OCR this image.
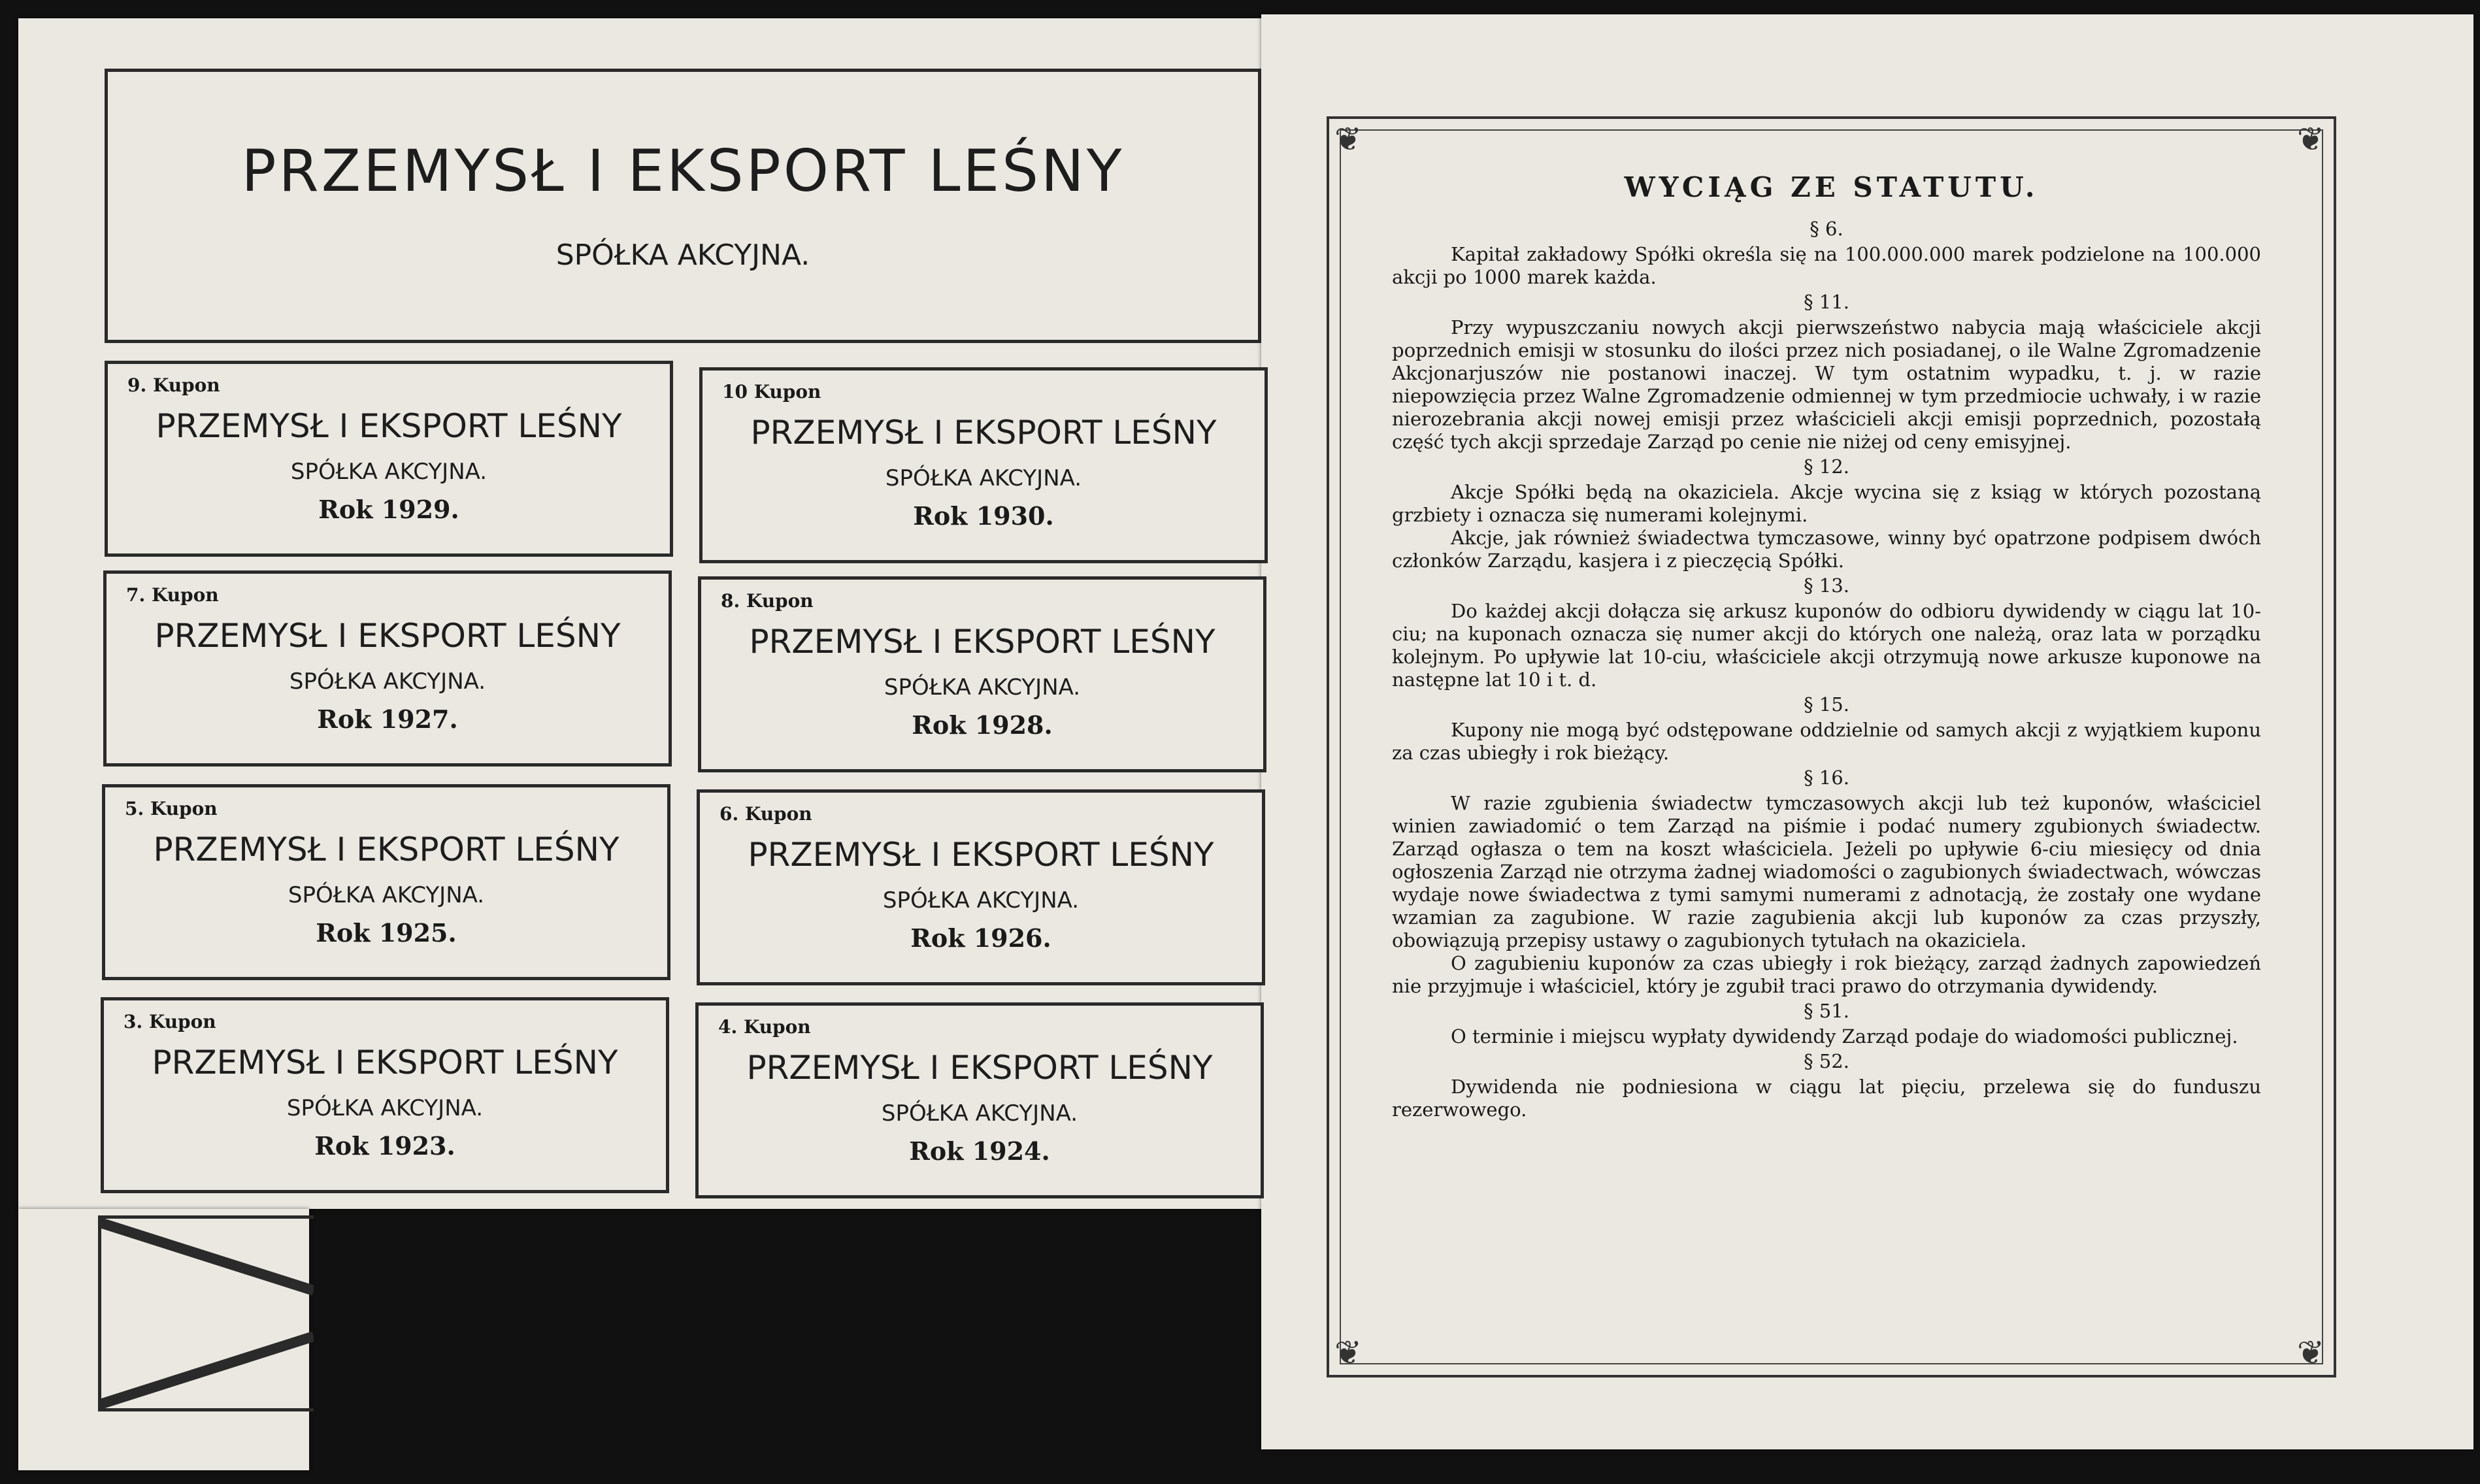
PRZEMYSŁ I EKSPORT LEŚNY
SPÓŁKA AKCYJNA.
9. Kupon
PRZEMYSŁ I EKSPORT LEŚNY
SPÓŁKA AKCYJNA.
Rok 1929.
10 Kupon
PRZEMYSŁ I EKSPORT LEŚNY
SPÓŁKA AKCYJNA.
Rok 1930.
7. Kupon
PRZEMYSŁ I EKSPORT LEŚNY
SPÓŁKA AKCYJNA.
Rok 1927.
8. Kupon
PRZEMYSŁ I EKSPORT LEŚNY
SPÓŁKA AKCYJNA.
Rok 1928.
5. Kupon
PRZEMYSŁ I EKSPORT LEŚNY
SPÓŁKA AKCYJNA.
Rok 1925.
6. Kupon
PRZEMYSŁ I EKSPORT LEŚNY
SPÓŁKA AKCYJNA.
Rok 1926.
3. Kupon
PRZEMYSŁ I EKSPORT LEŚNY
SPÓŁKA AKCYJNA.
Rok 1923.
4. Kupon
PRZEMYSŁ I EKSPORT LEŚNY
SPÓŁKA AKCYJNA.
Rok 1924.
❦	❦
❦	❦
WYCIĄG ZE STATUTU.
§ 6.

Kapitał zakładowy Spółki określa się na 100.000.000 marek podzielone na 100.000 akcji po 1000 marek każda.

§ 11.

Przy wypuszczaniu nowych akcji pierwszeństwo nabycia mają właściciele akcji poprzednich emisji w stosunku do ilości przez nich posiadanej, o ile Walne Zgromadzenie Akcjonarjuszów nie postanowi inaczej. W tym ostatnim wypadku, t. j. w razie niepowzięcia przez Walne Zgromadzenie odmiennej w tym przedmiocie uchwały, i w razie nierozebrania akcji nowej emisji przez właścicieli akcji emisji poprzednich, pozostałą część tych akcji sprzedaje Zarząd po cenie nie niżej od ceny emisyjnej.

§ 12.

Akcje Spółki będą na okaziciela. Akcje wycina się z ksiąg w których pozostaną grzbiety i oznacza się numerami kolejnymi.

Akcje, jak również świadectwa tymczasowe, winny być opatrzone podpisem dwóch członków Zarządu, kasjera i z pieczęcią Spółki.

§ 13.

Do każdej akcji dołącza się arkusz kuponów do odbioru dywidendy w ciągu lat 10-ciu; na kuponach oznacza się numer akcji do których one należą, oraz lata w porządku kolejnym. Po upływie lat 10-ciu, właściciele akcji otrzymują nowe arkusze kuponowe na następne lat 10 i t. d.

§ 15.

Kupony nie mogą być odstępowane oddzielnie od samych akcji z wyjątkiem kuponu za czas ubiegły i rok bieżący.

§ 16.

W razie zgubienia świadectw tymczasowych akcji lub też kuponów, właściciel winien zawiadomić o tem Zarząd na piśmie i podać numery zgubionych świadectw. Zarząd ogłasza o tem na koszt właściciela. Jeżeli po upływie 6-ciu miesięcy od dnia ogłoszenia Zarząd nie otrzyma żadnej wiadomości o zagubionych świadectwach, wówczas wydaje nowe świadectwa z tymi samymi numerami z adnotacją, że zostały one wydane wzamian za zagubione. W razie zagubienia akcji lub kuponów za czas przyszły, obowiązują przepisy ustawy o zagubionych tytułach na okaziciela.

O zagubieniu kuponów za czas ubiegły i rok bieżący, zarząd żadnych zapowiedzeń nie przyjmuje i właściciel, który je zgubił traci prawo do otrzymania dywidendy.

§ 51.

O terminie i miejscu wypłaty dywidendy Zarząd podaje do wiadomości publicznej.

§ 52.

Dywidenda nie podniesiona w ciągu lat pięciu, przelewa się do funduszu rezerwowego.
